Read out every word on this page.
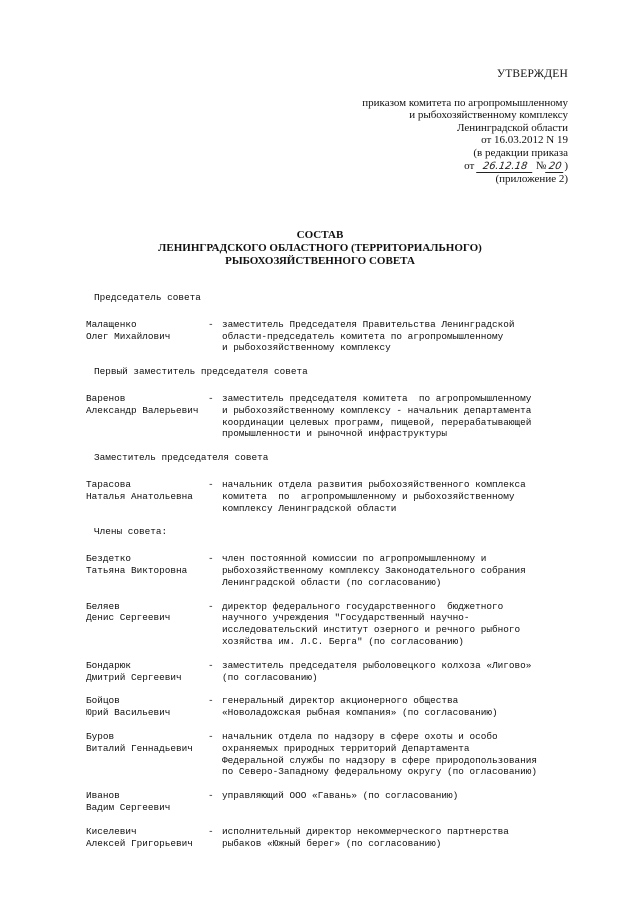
УТВЕРЖДЕН
приказом комитета по агропромышленному
и рыбохозяйственному комплексу
Ленинградской области
от 16.03.2012 N 19
(в редакции приказа
от 26.12.18 № 20 )
(приложение 2)
СОСТАВ
ЛЕНИНГРАДСКОГО ОБЛАСТНОГО (ТЕРРИТОРИАЛЬНОГО)
РЫБОХОЗЯЙСТВЕННОГО СОВЕТА
Председатель совета
Малащенко
Олег Михайлович
- заместитель Председателя Правительства Ленинградской
области-председатель комитета по агропромышленному
и рыбохозяйственному комплексу
Первый заместитель председателя совета
Варенов
Александр Валерьевич
- заместитель председателя комитета  по агропромышленному
и рыбохозяйственному комплексу - начальник департамента
координации целевых программ, пищевой, перерабатывающей
промышленности и рыночной инфраструктуры
Заместитель председателя совета
Тарасова
Наталья Анатольевна
- начальник отдела развития рыбохозяйственного комплекса
комитета  по  агропромышленному и рыбохозяйственному
комплексу Ленинградской области
Члены совета:
Бездетко
Татьяна Викторовна
- член постоянной комиссии по агропромышленному и
рыбохозяйственному комплексу Законодательного собрания
Ленинградской области (по согласованию)
Беляев
Денис Сергеевич
- директор федерального государственного  бюджетного
научного учреждения "Государственный научно-
исследовательский институт озерного и речного рыбного
хозяйства им. Л.С. Берга" (по согласованию)
Бондарюк
Дмитрий Сергеевич
- заместитель председателя рыболовецкого колхоза «Лигово»
(по согласованию)
Бойцов
Юрий Васильевич
- генеральный директор акционерного общества
«Новоладожская рыбная компания» (по согласованию)
Буров
Виталий Геннадьевич
- начальник отдела по надзору в сфере охоты и особо
охраняемых природных территорий Департамента
Федеральной службы по надзору в сфере природопользования
по Северо-Западному федеральному округу (по огласованию)
Иванов
Вадим Сергеевич
- управляющий ООО «Гавань» (по согласованию)
Киселевич
Алексей Григорьевич
- исполнительный директор некоммерческого партнерства
рыбаков «Южный берег» (по согласованию)
